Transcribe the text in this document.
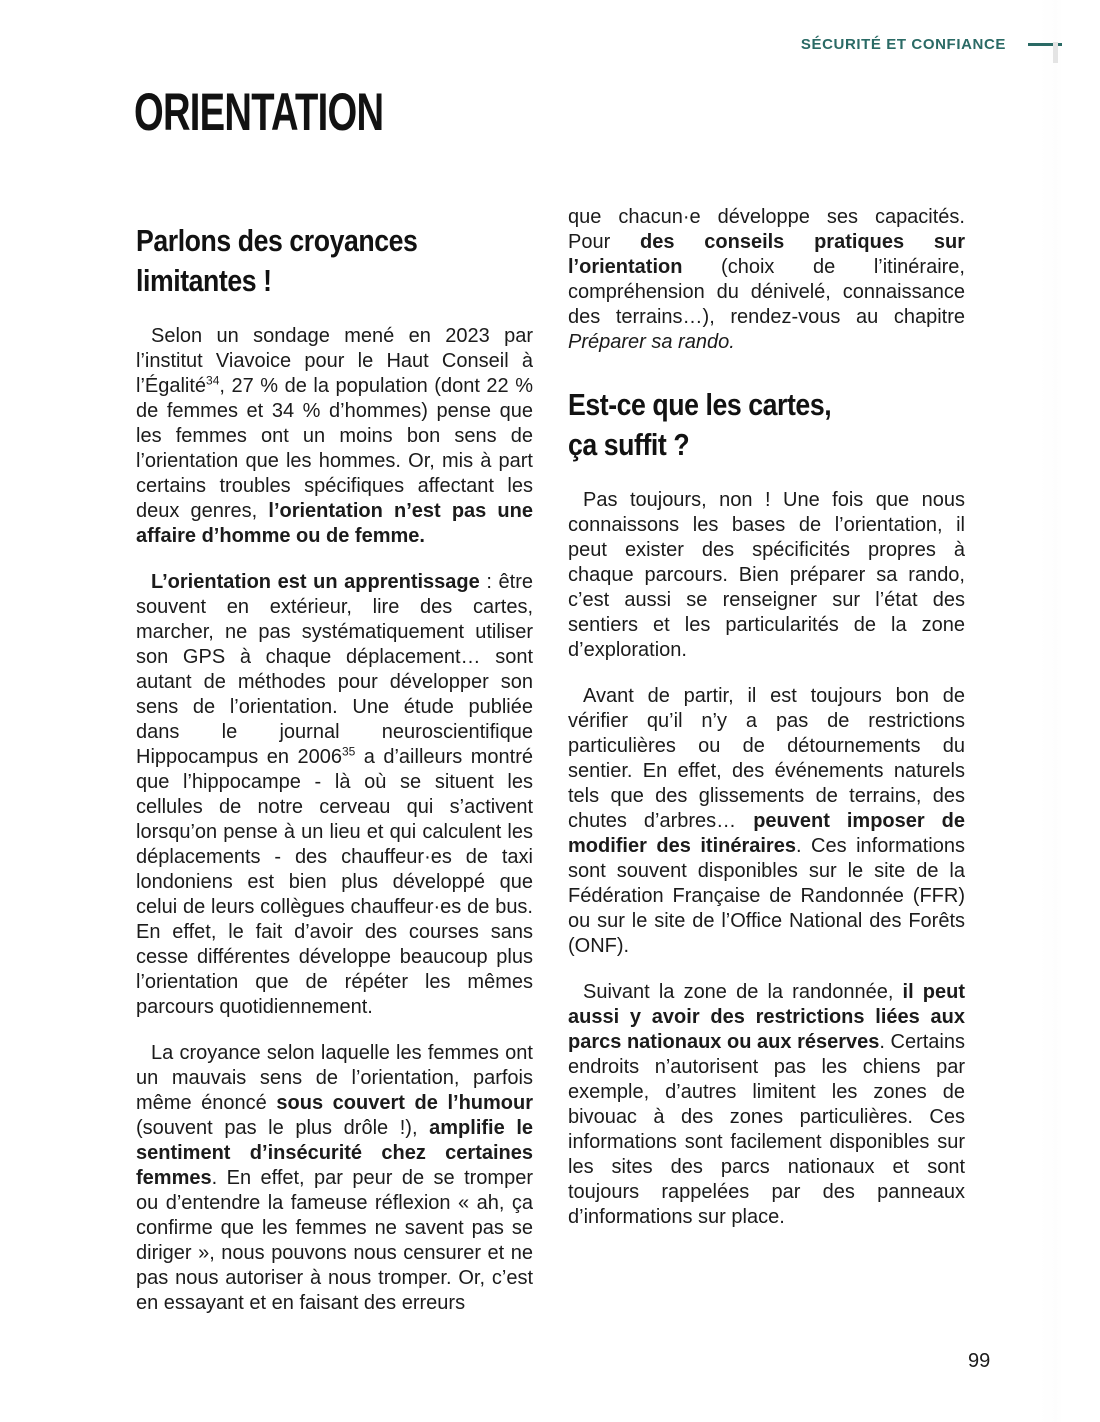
SÉCURITÉ ET CONFIANCE
ORIENTATION
Parlons des croyances
limitantes !

Selon un sondage mené en 2023 par l’institut Viavoice pour le Haut Conseil à l’Égalité$^{34}$, 27 % de la population (dont 22 % de femmes et 34 % d’hommes) pense que les femmes ont un moins bon sens de l’orientation que les hommes. Or, mis à part certains troubles spécifiques affectant les deux genres, l’orientation n’est pas une affaire d’homme ou de femme.

L’orientation est un apprentissage : être souvent en extérieur, lire des cartes, marcher, ne pas systématiquement utiliser son GPS à chaque déplacement… sont autant de méthodes pour développer son sens de l’orientation. Une étude publiée dans le journal neuroscientifique Hippocampus en 2006$^{35}$ a d’ailleurs montré que l’hippocampe - là où se situent les cellules de notre cerveau qui s’activent lorsqu’on pense à un lieu et qui calculent les déplacements - des chauffeur·es de taxi londoniens est bien plus développé que celui de leurs collègues chauffeur·es de bus. En effet, le fait d’avoir des courses sans cesse différentes développe beaucoup plus l’orientation que de répéter les mêmes parcours quotidiennement.

La croyance selon laquelle les femmes ont un mauvais sens de l’orientation, parfois même énoncé sous couvert de l’humour (souvent pas le plus drôle !), amplifie le sentiment d’insécurité chez certaines femmes. En effet, par peur de se tromper ou d’entendre la fameuse réflexion « ah, ça confirme que les femmes ne savent pas se diriger », nous pouvons nous censurer et ne pas nous autoriser à nous tromper. Or, c’est en essayant et en faisant des erreurs

que chacun·e développe ses capacités. Pour des conseils pratiques sur l’orientation (choix de l’itinéraire, compréhension du dénivelé, connaissance des terrains…), rendez-vous au chapitre Préparer sa rando.

Est-ce que les cartes,
ça suffit ?

Pas toujours, non ! Une fois que nous connaissons les bases de l’orientation, il peut exister des spécificités propres à chaque parcours. Bien préparer sa rando, c’est aussi se renseigner sur l’état des sentiers et les particularités de la zone d’exploration.

Avant de partir, il est toujours bon de vérifier qu’il n’y a pas de restrictions particulières ou de détournements du sentier. En effet, des événements naturels tels que des glissements de terrains, des chutes d’arbres… peuvent imposer de modifier des itinéraires. Ces informations sont souvent disponibles sur le site de la Fédération Française de Randonnée (FFR) ou sur le site de l’Office National des Forêts (ONF).

Suivant la zone de la randonnée, il peut aussi y avoir des restrictions liées aux parcs nationaux ou aux réserves. Certains endroits n’autorisent pas les chiens par exemple, d’autres limitent les zones de bivouac à des zones particulières. Ces informations sont facilement disponibles sur les sites des parcs nationaux et sont toujours rappelées par des panneaux d’informations sur place.

99
